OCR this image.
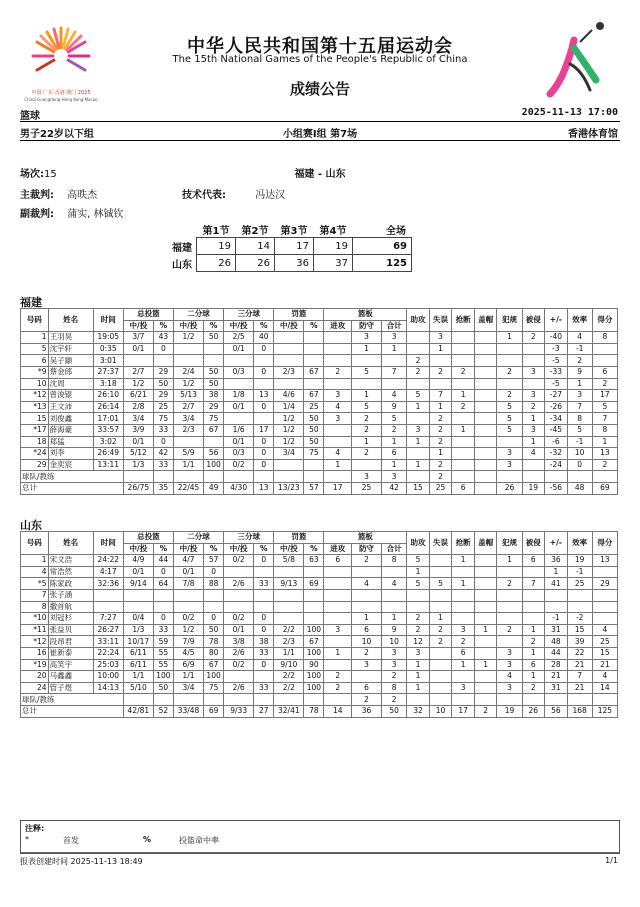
中国·广东·香港·澳门 2025
China·Guangdong·Hong Kong·Macao
中华人民共和国第十五届运动会
The 15th National Games of the People's Republic of China
成绩公告
篮球	2025-11-13 17:00
男子22岁以下组	小组赛I组 第7场	香港体育馆
场次:15	福建 - 山东
主裁判: 高昳杰	技术代表:	冯达汉
副裁判: 蒲实, 林铖钦
	第1节	第2节	第3节	第4节	全场
福建	19	14	17	19	69
山东	26	26	36	37	125
福建
号码	姓名	时间	总投篮		二分球		三分球		罚篮		篮板			助攻	失误	抢断	盖帽	犯规	被侵	+/-	效率	得分
			中/投	%	中/投	%	中/投	%	中/投	%	进攻	防守	合计									
1	王羽昊	19:05	3/7	43	1/2	50	2/5	40				3	3		3			1	2	-40	4	8
5	沈宇轩	0:35	0/1	0			0/1	0				1	1		1					-3	-1	
6	吴子颛	3:01												2						-5	2	
*9	蔡金郎	27:37	2/7	29	2/4	50	0/3	0	2/3	67	2	5	7	2	2	2		2	3	-33	9	6
10	沈周	3:18	1/2	50	1/2	50														-5	1	2
*12	曾浚锟	26:10	6/21	29	5/13	38	1/8	13	4/6	67	3	1	4	5	7	1		2	3	-27	3	17
*13	王文沛	26:14	2/8	25	2/7	29	0/1	0	1/4	25	4	5	9	1	1	2		5	2	-26	7	5
15	刘俊鑫	17:01	3/4	75	3/4	75			1/2	50	3	2	5		2			5	1	-34	8	7
*17	薛海豪	33:57	3/9	33	2/3	67	1/6	17	1/2	50		2	2	3	2	1		5	3	-45	5	8
18	郑猛	3:02	0/1	0			0/1	0	1/2	50		1	1	1	2				1	-6	-1	1
*24	刘李	26:49	5/12	42	5/9	56	0/3	0	3/4	75	4	2	6		1			3	4	-32	10	13
29	金奕宸	13:11	1/3	33	1/1	100	0/2	0			1		1	1	2			3		-24	0	2
球队/教练												3	3		2							
总计			26/75	35	22/45	49	4/30	13	13/23	57	17	25	42	15	25	6		26	19	-56	48	69
山东
号码	姓名	时间	总投篮		二分球		三分球		罚篮		篮板			助攻	失误	抢断	盖帽	犯规	被侵	+/-	效率	得分
			中/投	%	中/投	%	中/投	%	中/投	%	进攻	防守	合计									
1	宋文浩	24:22	4/9	44	4/7	57	0/2	0	5/8	63	6	2	8	5		1		1	6	36	19	13
4	常浩然	4:17	0/1	0	0/1	0								1						1	-1	
*5	陈家政	32:36	9/14	64	7/8	88	2/6	33	9/13	69		4	4	5	5	1		2	7	41	25	29
7	张子涵																					
8	撒首航																					
*10	刘冠杉	7:27	0/4	0	0/2	0	0/2	0				1	1	2	1					-1	-2	
*11	张益贝	26:27	1/3	33	1/2	50	0/1	0	2/2	100	3	6	9	2	2	3	1	2	1	31	15	4
*12	段昂君	33:11	10/17	59	7/9	78	3/8	38	2/3	67		10	10	12	2	2			2	48	39	25
16	崔新泰	22:24	6/11	55	4/5	80	2/6	33	1/1	100	1	2	3	3		6		3	1	44	22	15
*19	高笑宇	25:03	6/11	55	6/9	67	0/2	0	9/10	90		3	3	1		1	1	3	6	28	21	21
20	马鑫鑫	10:00	1/1	100	1/1	100			2/2	100	2		2	1				4	1	21	7	4
24	管子煜	14:13	5/10	50	3/4	75	2/6	33	2/2	100	2	6	8	1		3		3	2	31	21	14
球队/教练												2	2									
总计			42/81	52	33/48	69	9/33	27	32/41	78	14	36	50	32	10	17	2	19	26	56	168	125
注释:
*	首发	%	投篮命中率
报表创建时间 2025-11-13 18:49	1/1
